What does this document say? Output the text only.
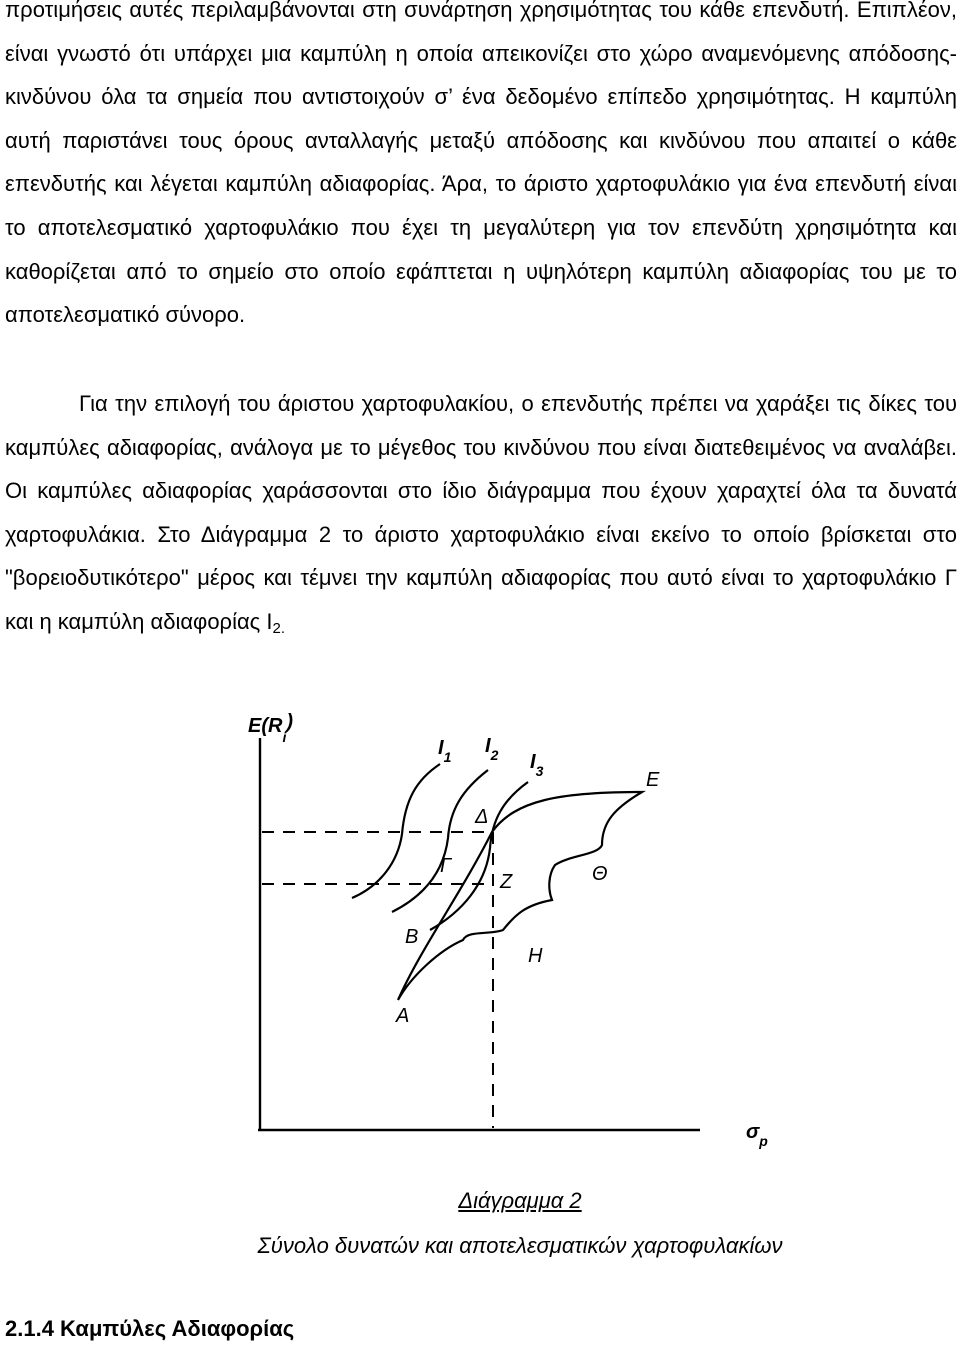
προτιμήσεις αυτές περιλαμβάνονται στη συνάρτηση χρησιμότητας του κάθε επενδυτή. Επιπλέον, είναι γνωστό ότι υπάρχει μια καμπύλη η οποία απεικονίζει στο χώρο αναμενόμενης απόδοσης-κινδύνου όλα τα σημεία που αντιστοιχούν σ’ ένα δεδομένο επίπεδο χρησιμότητας. Η καμπύλη αυτή παριστάνει τους όρους ανταλλαγής μεταξύ απόδοσης και κινδύνου που απαιτεί ο κάθε επενδυτής και λέγεται καμπύλη αδιαφορίας. Άρα, το άριστο χαρτοφυλάκιο για ένα επενδυτή είναι το αποτελεσματικό χαρτοφυλάκιο που έχει τη μεγαλύτερη για τον επενδύτη χρησιμότητα και καθορίζεται από το σημείο στο οποίο εφάπτεται η υψηλότερη καμπύλη αδιαφορίας του με το αποτελεσματικό σύνορο.

Για την επιλογή του άριστου χαρτοφυλακίου, ο επενδυτής πρέπει να χαράξει τις δίκες του καμπύλες αδιαφορίας, ανάλογα με το μέγεθος του κινδύνου που είναι διατεθειμένος να αναλάβει. Οι καμπύλες αδιαφορίας χαράσσονται στο ίδιο διάγραμμα που έχουν χαραχτεί όλα τα δυνατά χαρτοφυλάκια. Στο Διάγραμμα 2 το άριστο χαρτοφυλάκιο είναι εκείνο το οποίο βρίσκεται στο "βορειοδυτικότερο" μέρος και τέμνει την καμπύλη αδιαφορίας που αυτό είναι το χαρτοφυλάκιο Γ και η καμπύλη αδιαφορίας $I_{2.}$

$E(R_i)$
$\sigma_p$
$I_1$ $I_2$ $I_3$	E
Δ
Γ
Z	Θ
B
H
A

Διάγραμμα 2

Σύνολο δυνατών και αποτελεσματικών χαρτοφυλακίων

2.1.4 Καμπύλες Αδιαφορίας
